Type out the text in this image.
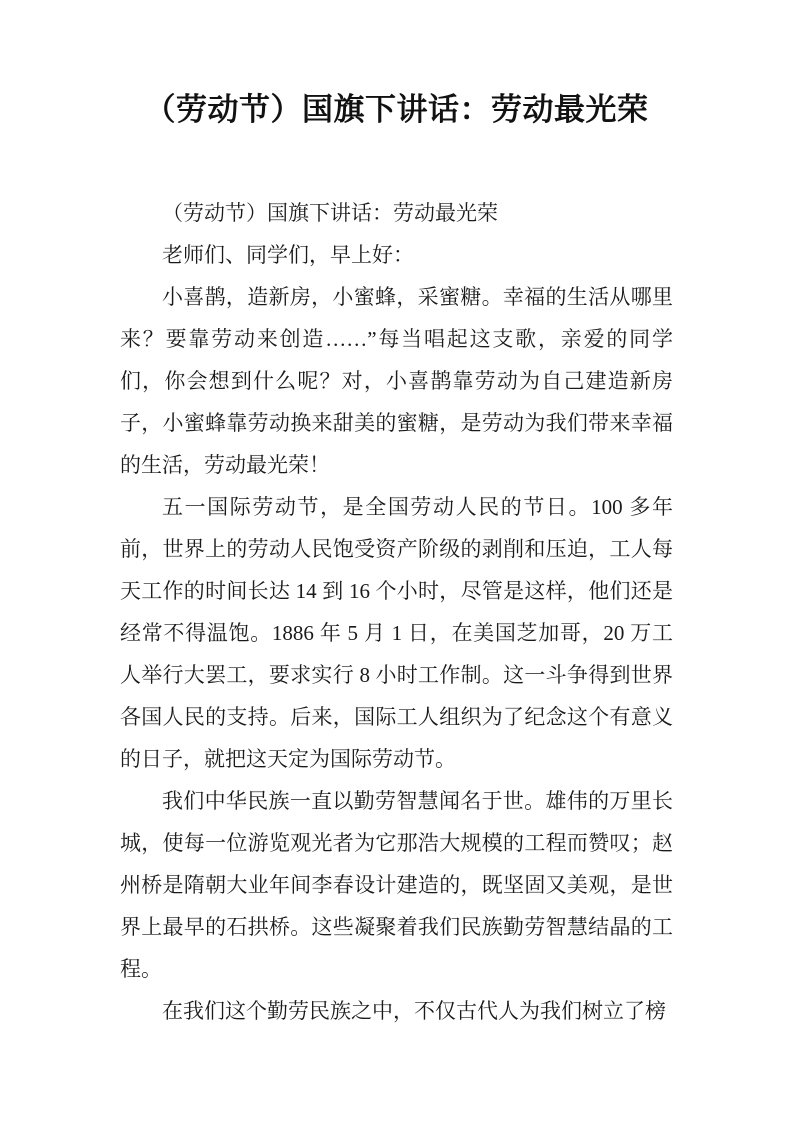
（劳动节）国旗下讲话：劳动最光荣

（劳动节）国旗下讲话：劳动最光荣

老师们、同学们，早上好：

小喜鹊，造新房，小蜜蜂，采蜜糖。幸福的生活从哪里来？要靠劳动来创造……”每当唱起这支歌，亲爱的同学们，你会想到什么呢？对，小喜鹊靠劳动为自己建造新房子，小蜜蜂靠劳动换来甜美的蜜糖，是劳动为我们带来幸福的生活，劳动最光荣！

五一国际劳动节，是全国劳动人民的节日。100 多年前，世界上的劳动人民饱受资产阶级的剥削和压迫，工人每天工作的时间长达 14 到 16 个小时，尽管是这样，他们还是经常不得温饱。1886 年 5 月 1 日，在美国芝加哥，20 万工人举行大罢工，要求实行 8 小时工作制。这一斗争得到世界各国人民的支持。后来，国际工人组织为了纪念这个有意义的日子，就把这天定为国际劳动节。

我们中华民族一直以勤劳智慧闻名于世。雄伟的万里长城，使每一位游览观光者为它那浩大规模的工程而赞叹；赵州桥是隋朝大业年间李春设计建造的，既坚固又美观，是世界上最早的石拱桥。这些凝聚着我们民族勤劳智慧结晶的工程。

在我们这个勤劳民族之中，不仅古代人为我们树立了榜
